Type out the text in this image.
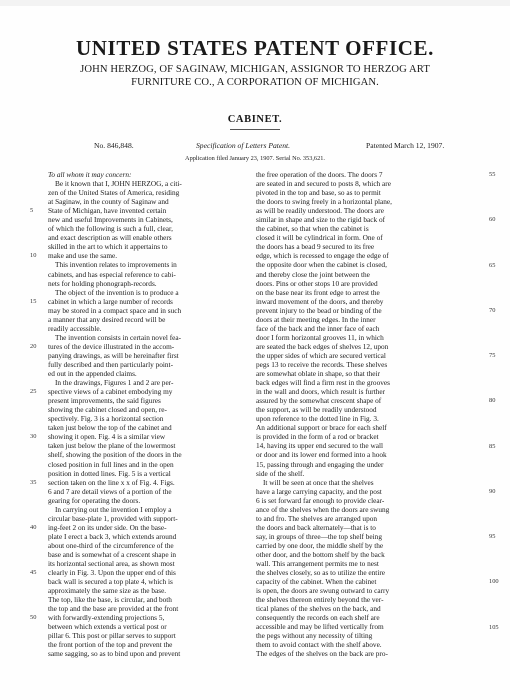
UNITED STATES PATENT OFFICE.
JOHN HERZOG, OF SAGINAW, MICHIGAN, ASSIGNOR TO HERZOG ART
FURNITURE CO., A CORPORATION OF MICHIGAN.
CABINET.
No. 846,848.	Specification of Letters Patent.	Patented March 12, 1907.
Application filed January 23, 1907. Serial No. 353,621.
To all whom it may concern:
Be it known that I, JOHN HERZOG, a citi-
zen of the United States of America, residing
at Saginaw, in the county of Saginaw and
State of Michigan, have invented certain
new and useful Improvements in Cabinets,
of which the following is such a full, clear,
and exact description as will enable others
skilled in the art to which it appertains to
make and use the same.
This invention relates to improvements in
cabinets, and has especial reference to cabi-
nets for holding phonograph-records.
The object of the invention is to produce a
cabinet in which a large number of records
may be stored in a compact space and in such
a manner that any desired record will be
readily accessible.
The invention consists in certain novel fea-
tures of the device illustrated in the accom-
panying drawings, as will be hereinafter first
fully described and then particularly point-
ed out in the appended claims.
In the drawings, Figures 1 and 2 are per-
spective views of a cabinet embodying my
present improvements, the said figures
showing the cabinet closed and open, re-
spectively. Fig. 3 is a horizontal section
taken just below the top of the cabinet and
showing it open. Fig. 4 is a similar view
taken just below the plane of the lowermost
shelf, showing the position of the doors in the
closed position in full lines and in the open
position in dotted lines. Fig. 5 is a vertical
section taken on the line x x of Fig. 4. Figs.
6 and 7 are detail views of a portion of the
gearing for operating the doors.
In carrying out the invention I employ a
circular base-plate 1, provided with support-
ing-feet 2 on its under side. On the base-
plate I erect a back 3, which extends around
about one-third of the circumference of the
base and is somewhat of a crescent shape in
its horizontal sectional area, as shown most
clearly in Fig. 3. Upon the upper end of this
back wall is secured a top plate 4, which is
approximately the same size as the base.
The top, like the base, is circular, and both
the top and the base are provided at the front
with forwardly-extending projections 5,
between which extends a vertical post or
pillar 6. This post or pillar serves to support
the front portion of the top and prevent the
same sagging, so as to bind upon and prevent
the free operation of the doors. The doors 7
are seated in and secured to posts 8, which are
pivoted in the top and base, so as to permit
the doors to swing freely in a horizontal plane,
as will be readily understood. The doors are
similar in shape and size to the rigid back of
the cabinet, so that when the cabinet is
closed it will be cylindrical in form. One of
the doors has a bead 9 secured to its free
edge, which is recessed to engage the edge of
the opposite door when the cabinet is closed,
and thereby close the joint between the
doors. Pins or other stops 10 are provided
on the base near its front edge to arrest the
inward movement of the doors, and thereby
prevent injury to the bead or binding of the
doors at their meeting edges. In the inner
face of the back and the inner face of each
door I form horizontal grooves 11, in which
are seated the back edges of shelves 12, upon
the upper sides of which are secured vertical
pegs 13 to receive the records. These shelves
are somewhat oblate in shape, so that their
back edges will find a firm rest in the grooves
in the wall and doors, which result is further
assured by the somewhat crescent shape of
the support, as will be readily understood
upon reference to the dotted line in Fig. 3.
An additional support or brace for each shelf
is provided in the form of a rod or bracket
14, having its upper end secured to the wall
or door and its lower end formed into a hook
15, passing through and engaging the under
side of the shelf.
It will be seen at once that the shelves
have a large carrying capacity, and the post
6 is set forward far enough to provide clear-
ance of the shelves when the doors are swung
to and fro. The shelves are arranged upon
the doors and back alternately—that is to
say, in groups of three—the top shelf being
carried by one door, the middle shelf by the
other door, and the bottom shelf by the back
wall. This arrangement permits me to nest
the shelves closely, so as to utilize the entire
capacity of the cabinet. When the cabinet
is open, the doors are swung outward to carry
the shelves thereon entirely beyond the ver-
tical planes of the shelves on the back, and
consequently the records on each shelf are
accessible and may be lifted vertically from
the pegs without any necessity of tilting
them to avoid contact with the shelf above.
The edges of the shelves on the back are pro-
5
10
15
20
25
30
35
40
45
50
55
60
65
70
75
80
85
90
95
100
105
